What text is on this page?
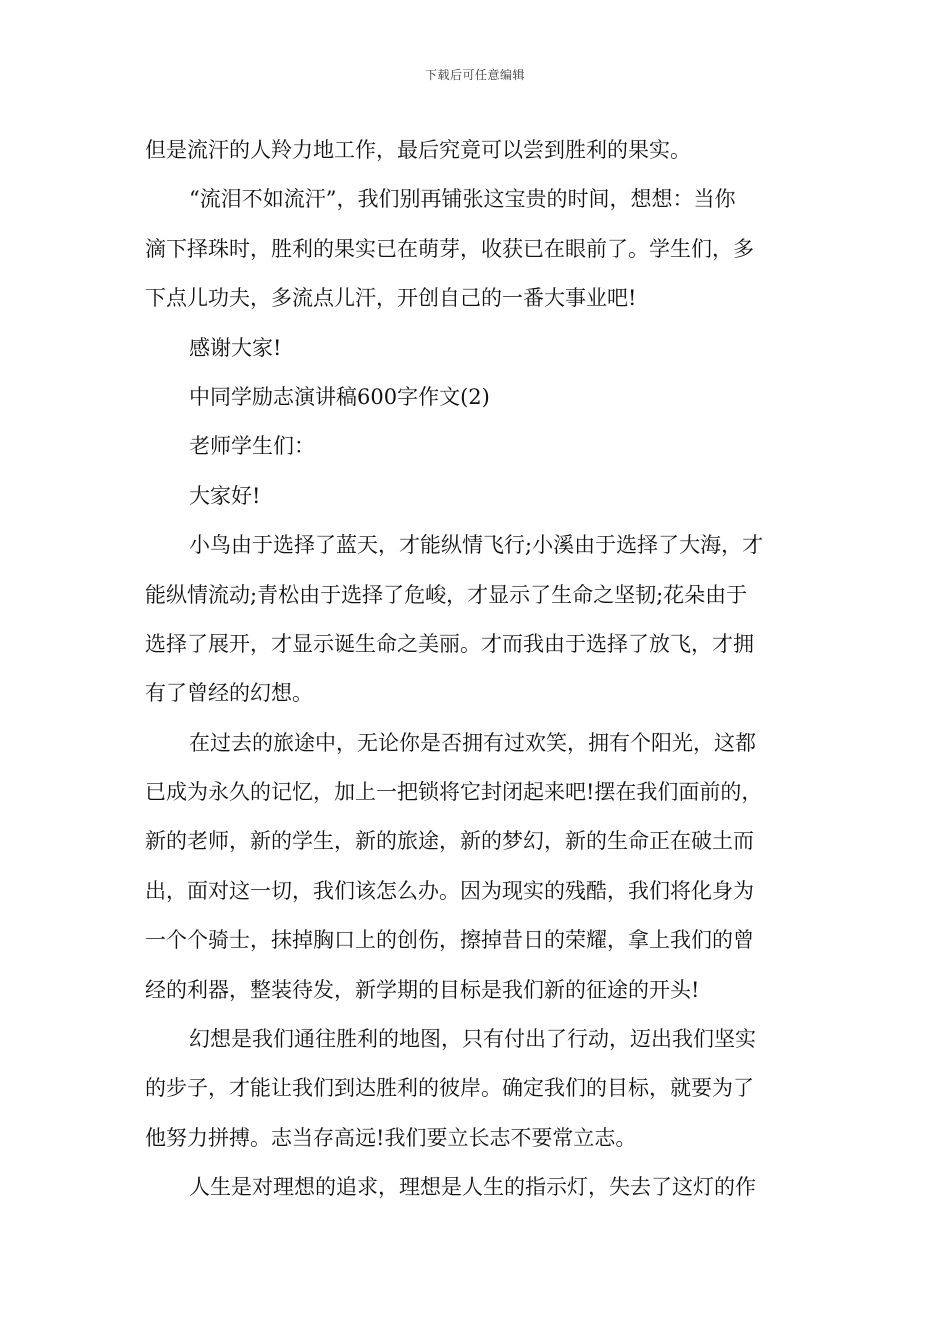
下载后可任意编辑
但是流汗的人羚力地工作，最后究竟可以尝到胜利的果实。
“流泪不如流汗”，我们别再铺张这宝贵的时间，想想：当你
滴下择珠时，胜利的果实已在萌芽，收获已在眼前了。学生们，多
下点儿功夫，多流点儿汗，开创自己的一番大事业吧!
感谢大家!
中同学励志演讲稿600字作文(2)
老师学生们：
大家好!
小鸟由于选择了蓝天，才能纵情飞行;小溪由于选择了大海，才
能纵情流动;青松由于选择了危峻，才显示了生命之坚韧;花朵由于
选择了展开，才显示诞生命之美丽。才而我由于选择了放飞，才拥
有了曾经的幻想。
在过去的旅途中，无论你是否拥有过欢笑，拥有个阳光，这都
已成为永久的记忆，加上一把锁将它封闭起来吧!摆在我们面前的，
新的老师，新的学生，新的旅途，新的梦幻，新的生命正在破土而
出，面对这一切，我们该怎么办。因为现实的残酷，我们将化身为
一个个骑士，抹掉胸口上的创伤，擦掉昔日的荣耀，拿上我们的曾
经的利器，整装待发，新学期的目标是我们新的征途的开头!
幻想是我们通往胜利的地图，只有付出了行动，迈出我们坚实
的步子，才能让我们到达胜利的彼岸。确定我们的目标，就要为了
他努力拼搏。志当存高远!我们要立长志不要常立志。
人生是对理想的追求，理想是人生的指示灯，失去了这灯的作
